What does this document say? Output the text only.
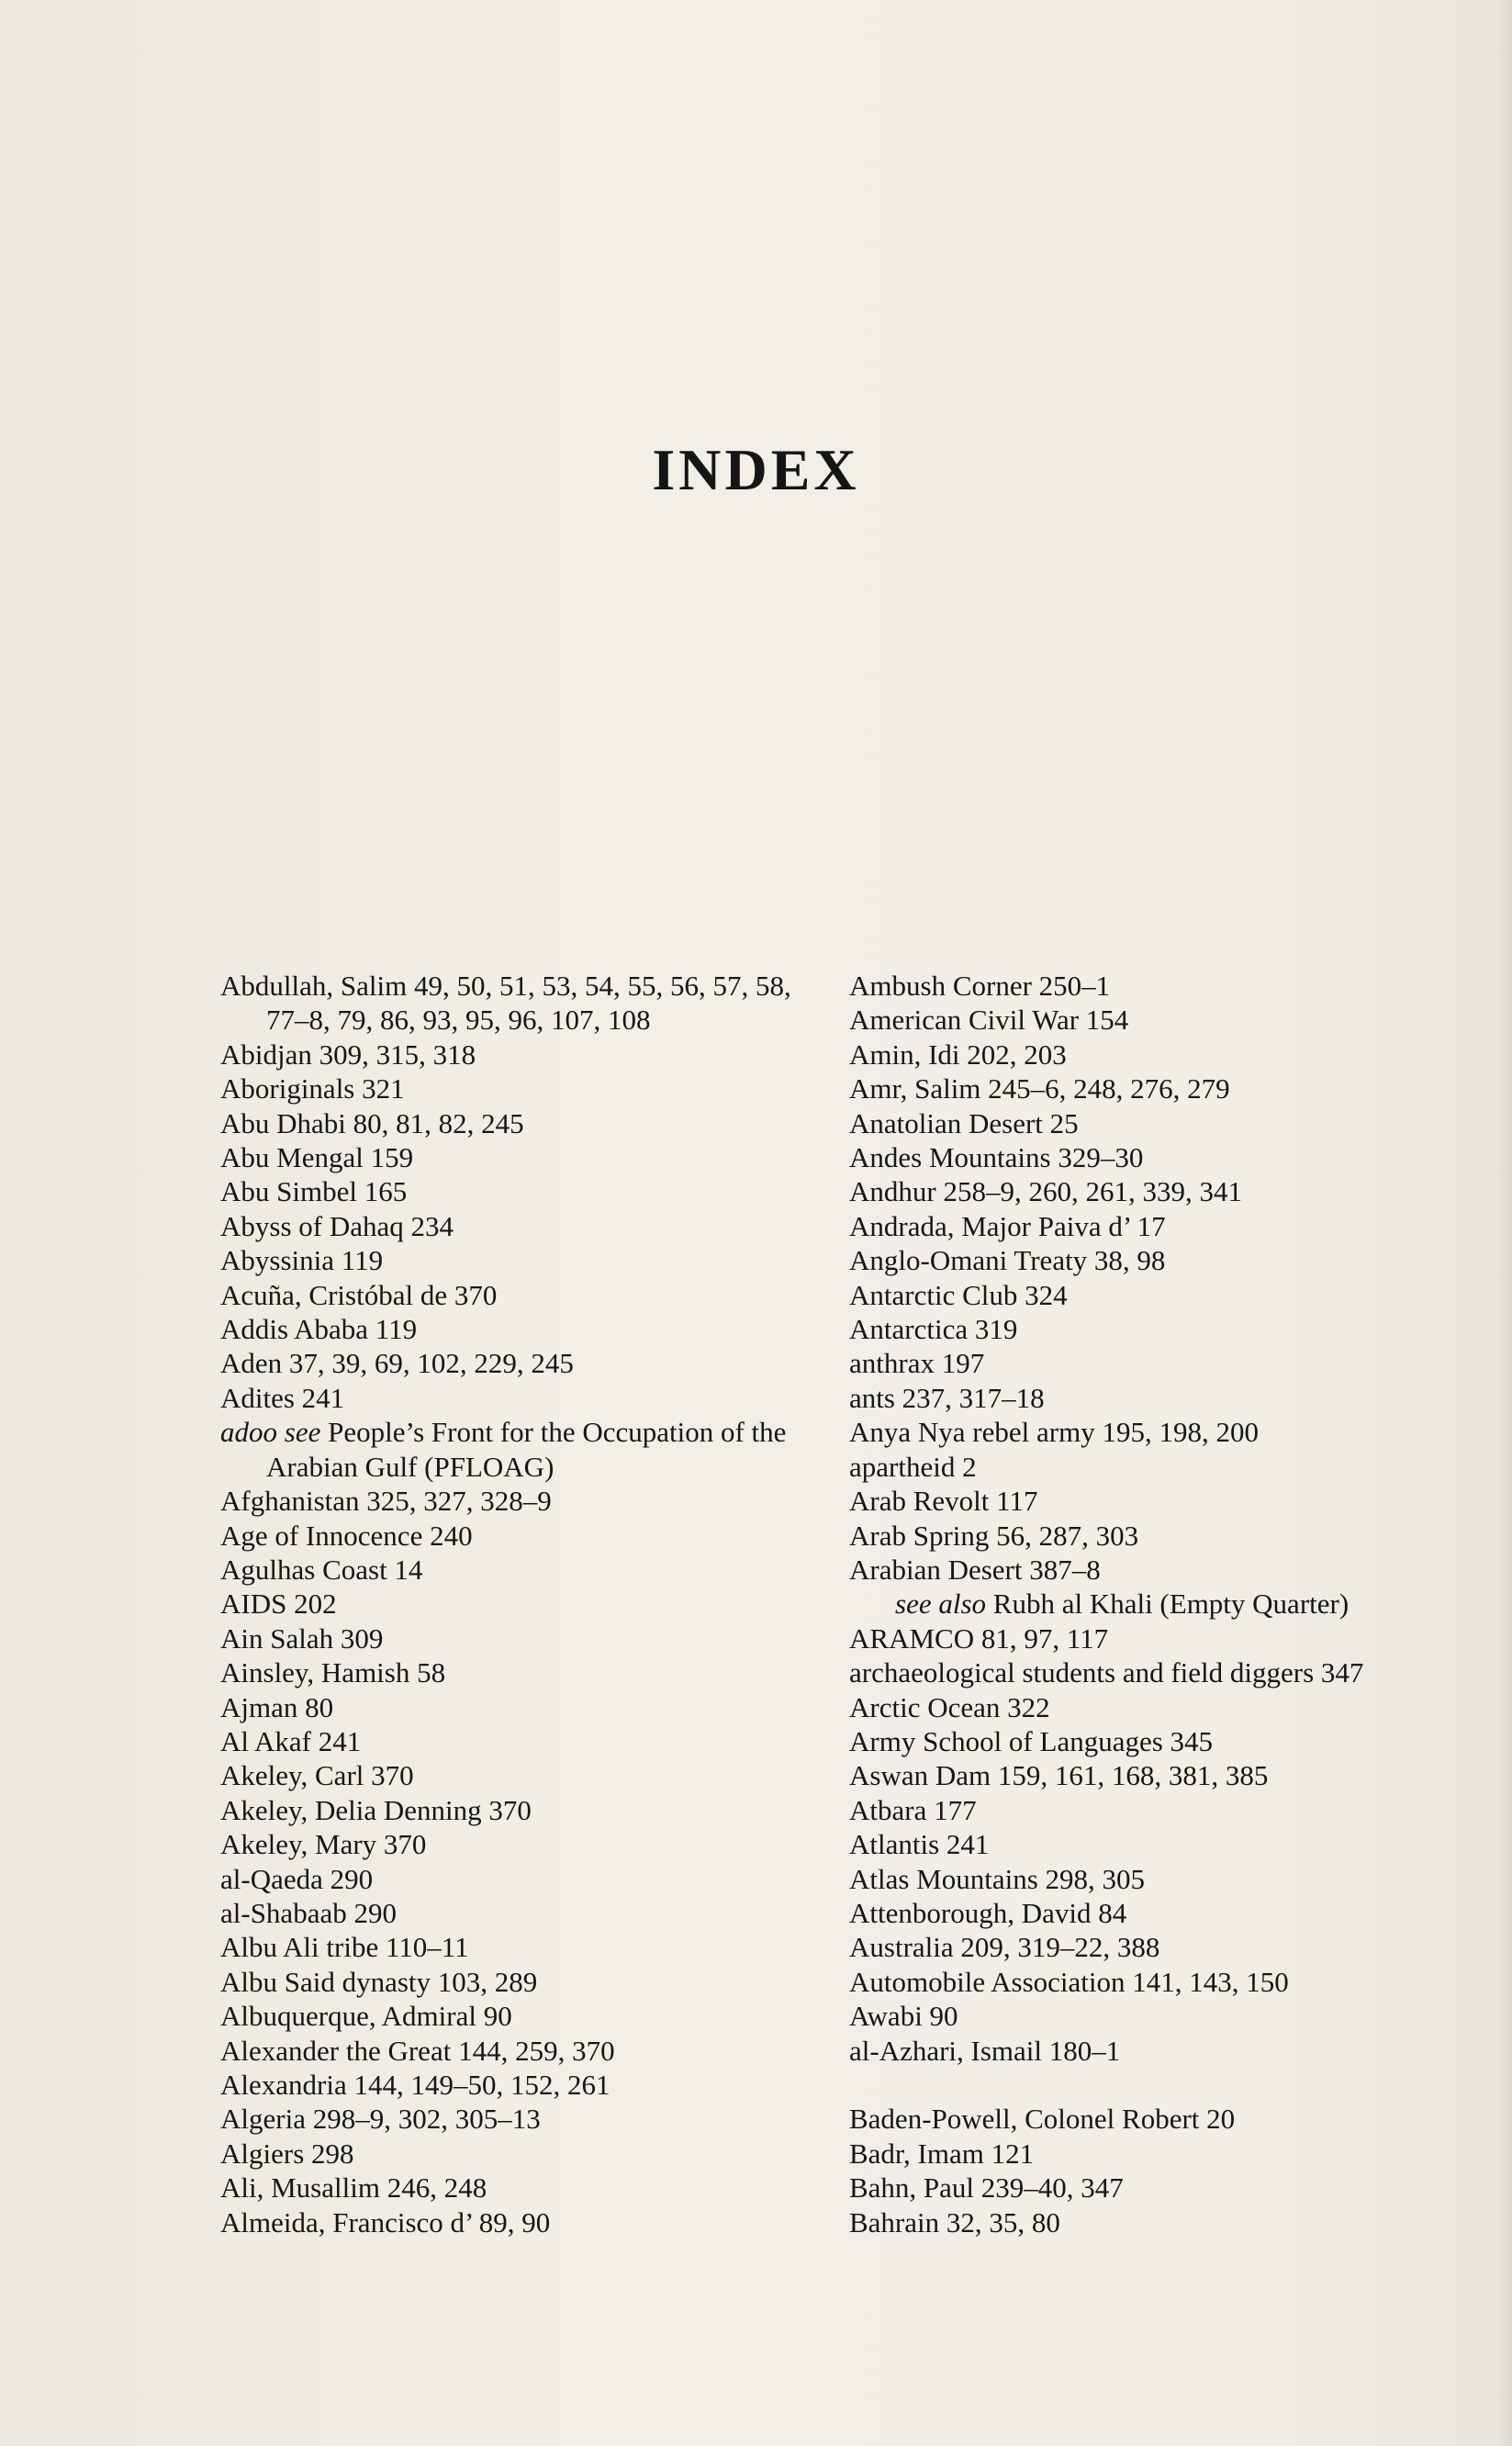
INDEX
Abdullah, Salim 49, 50, 51, 53, 54, 55, 56, 57, 58, 77–8, 79, 86, 93, 95, 96, 107, 108
Abidjan 309, 315, 318
Aboriginals 321
Abu Dhabi 80, 81, 82, 245
Abu Mengal 159
Abu Simbel 165
Abyss of Dahaq 234
Abyssinia 119
Acuña, Cristóbal de 370
Addis Ababa 119
Aden 37, 39, 69, 102, 229, 245
Adites 241
adoo see People’s Front for the Occupation of the Arabian Gulf (PFLOAG)
Afghanistan 325, 327, 328–9
Age of Innocence 240
Agulhas Coast 14
AIDS 202
Ain Salah 309
Ainsley, Hamish 58
Ajman 80
Al Akaf 241
Akeley, Carl 370
Akeley, Delia Denning 370
Akeley, Mary 370
al-Qaeda 290
al-Shabaab 290
Albu Ali tribe 110–11
Albu Said dynasty 103, 289
Albuquerque, Admiral 90
Alexander the Great 144, 259, 370
Alexandria 144, 149–50, 152, 261
Algeria 298–9, 302, 305–13
Algiers 298
Ali, Musallim 246, 248
Almeida, Francisco d’ 89, 90
Ambush Corner 250–1
American Civil War 154
Amin, Idi 202, 203
Amr, Salim 245–6, 248, 276, 279
Anatolian Desert 25
Andes Mountains 329–30
Andhur 258–9, 260, 261, 339, 341
Andrada, Major Paiva d’ 17
Anglo-Omani Treaty 38, 98
Antarctic Club 324
Antarctica 319
anthrax 197
ants 237, 317–18
Anya Nya rebel army 195, 198, 200
apartheid 2
Arab Revolt 117
Arab Spring 56, 287, 303
Arabian Desert 387–8
see also Rubh al Khali (Empty Quarter)
ARAMCO 81, 97, 117
archaeological students and field diggers 347
Arctic Ocean 322
Army School of Languages 345
Aswan Dam 159, 161, 168, 381, 385
Atbara 177
Atlantis 241
Atlas Mountains 298, 305
Attenborough, David 84
Australia 209, 319–22, 388
Automobile Association 141, 143, 150
Awabi 90
al-Azhari, Ismail 180–1
Baden-Powell, Colonel Robert 20
Badr, Imam 121
Bahn, Paul 239–40, 347
Bahrain 32, 35, 80
